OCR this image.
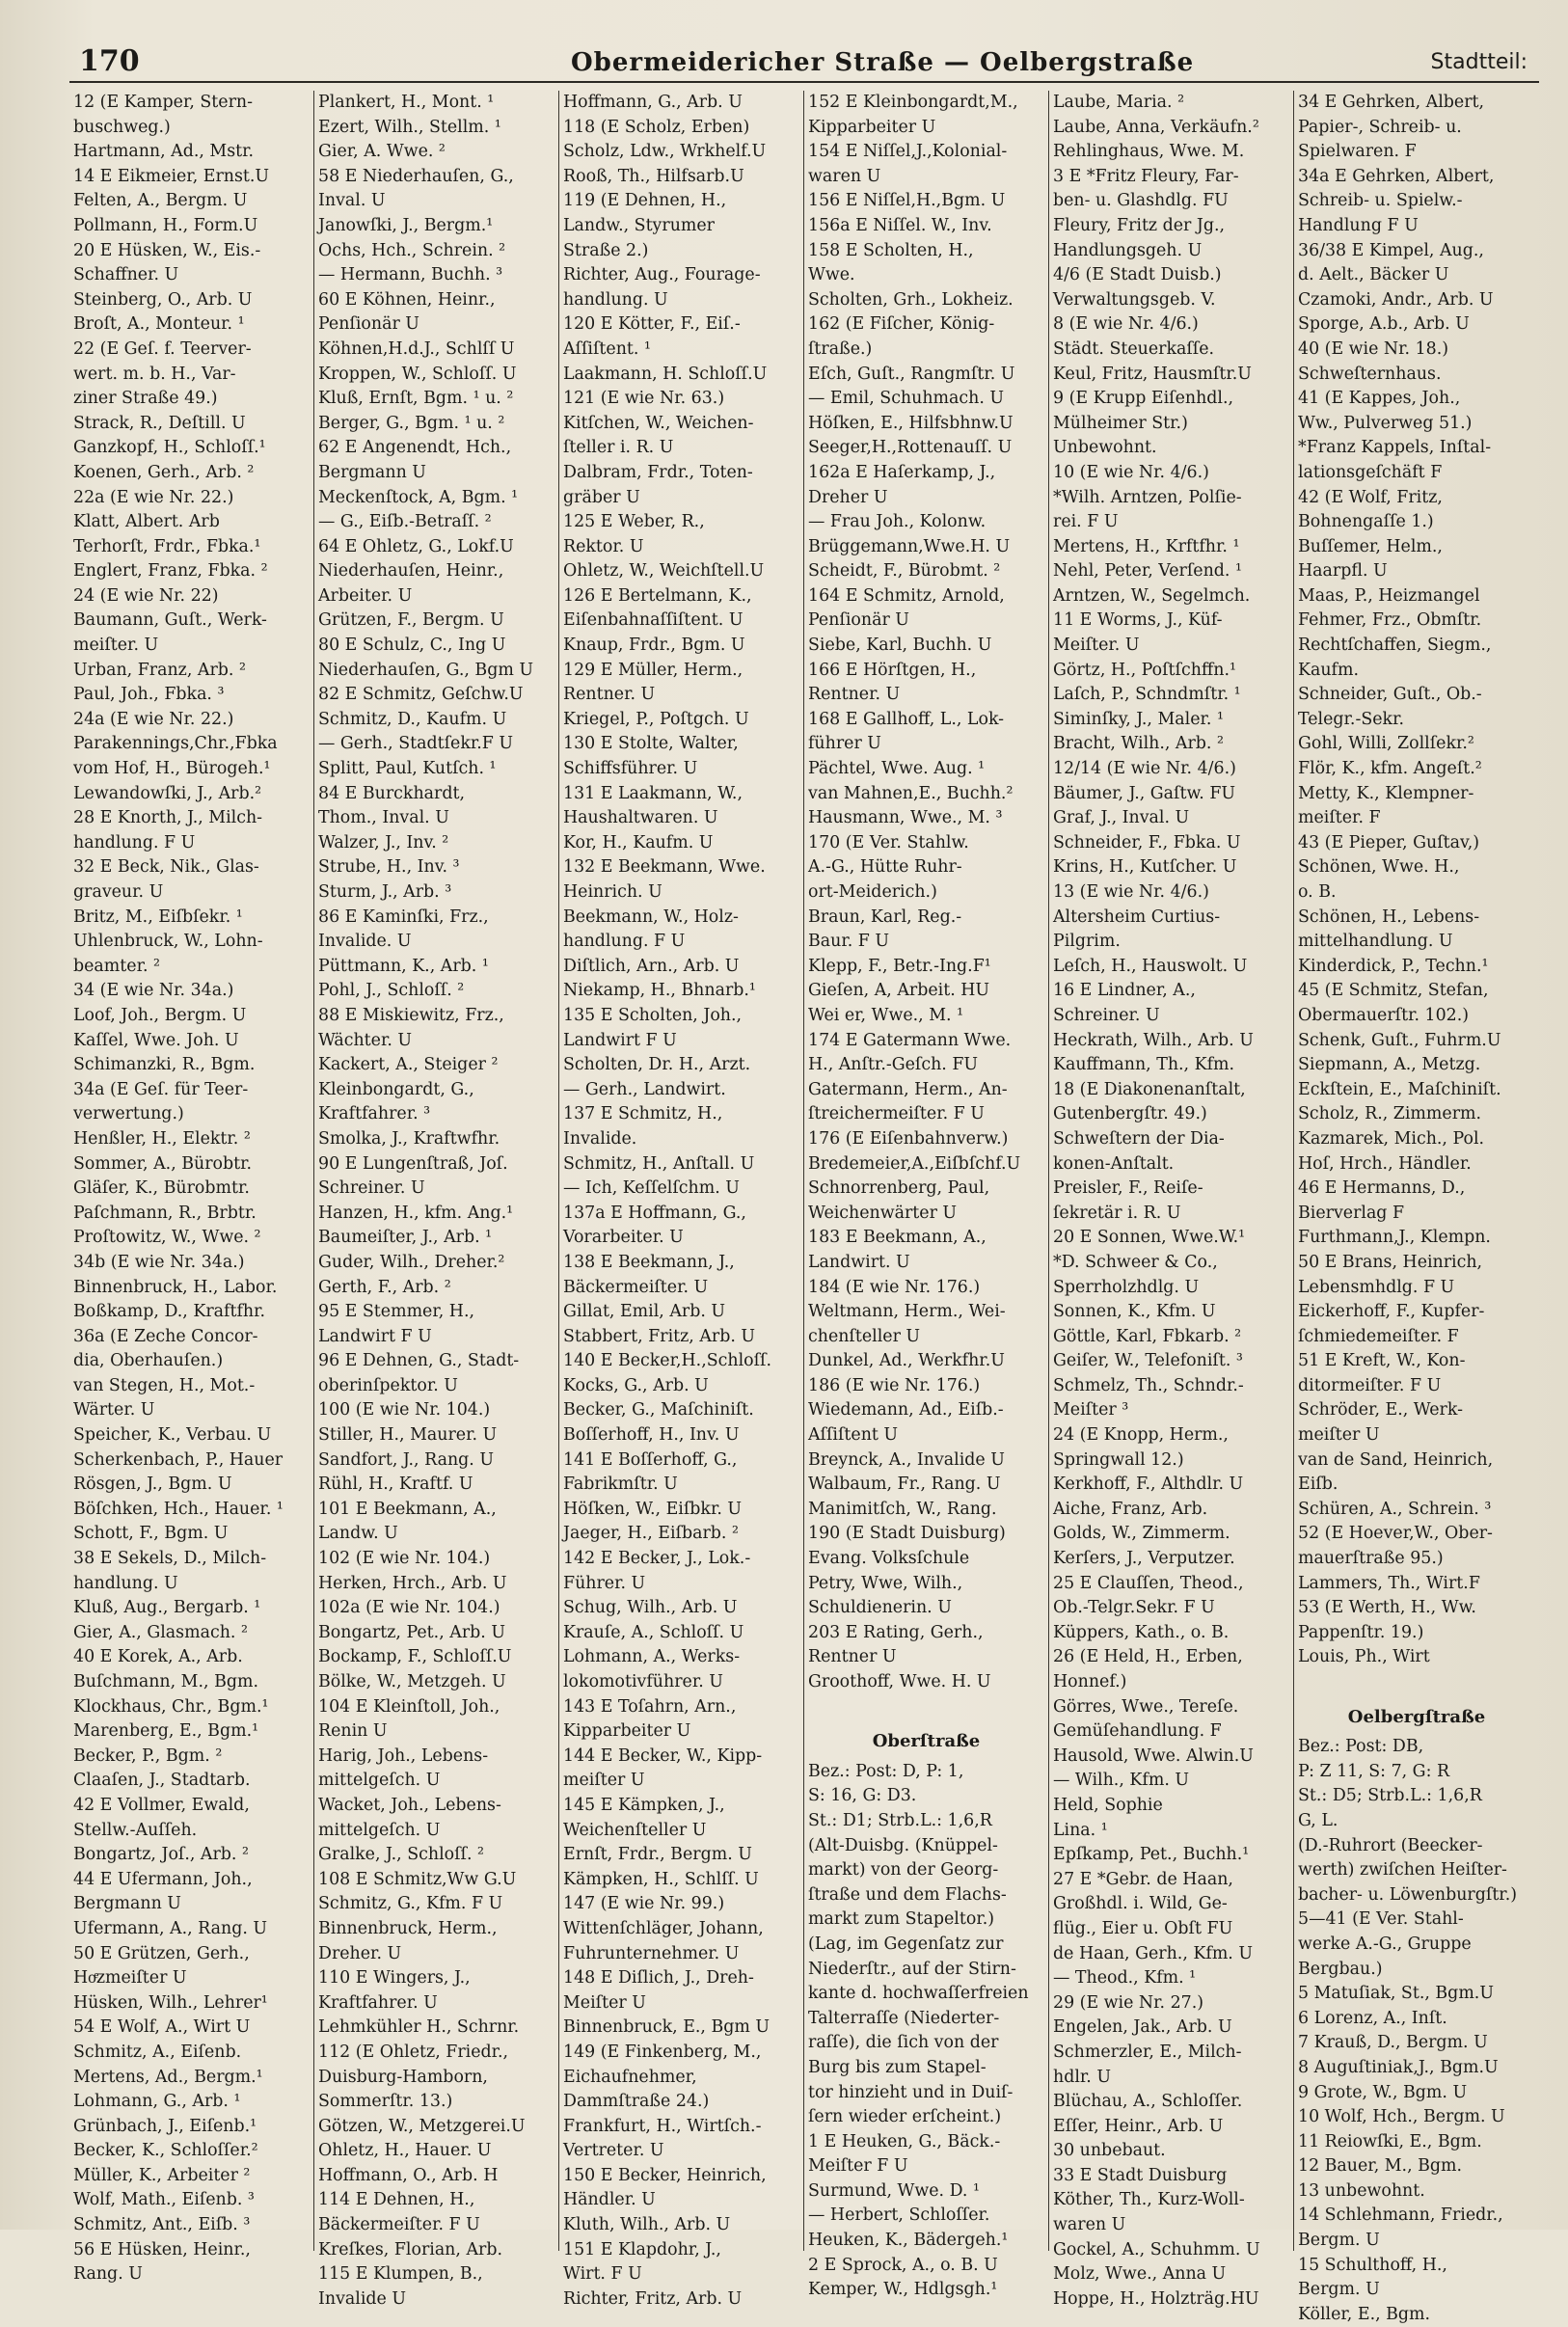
170	Obermeidericher Straße — Oelbergstraße	Stadtteil:
12 (E Kamper, Stern-
buschweg.)
Hartmann, Ad., Mstr.
14 E Eikmeier, Ernst.U
Felten, A., Bergm. U
Pollmann, H., Form.U
20 E Hüsken, W., Eis.-
Schaffner. U
Steinberg, O., Arb. U
Broſt, A., Monteur. ¹
22 (E Geſ. f. Teerver-
wert. m. b. H., Var-
ziner Straße 49.)
Strack, R., Deſtill. U
Ganzkopf, H., Schloſſ.¹
Koenen, Gerh., Arb. ²
22a (E wie Nr. 22.)
Klatt, Albert. Arb
Terhorſt, Frdr., Fbka.¹
Englert, Franz, Fbka. ²
24 (E wie Nr. 22)
Baumann, Guſt., Werk-
meiſter. U
Urban, Franz, Arb. ²
Paul, Joh., Fbka. ³
24a (E wie Nr. 22.)
Parakennings,Chr.,Fbka
vom Hof, H., Bürogeh.¹
Lewandowſki, J., Arb.²
28 E Knorth, J., Milch-
handlung. F U
32 E Beck, Nik., Glas-
graveur. U
Britz, M., Eiſbſekr. ¹
Uhlenbruck, W., Lohn-
beamter. ²
34 (E wie Nr. 34a.)
Loof, Joh., Bergm. U
Kaſſel, Wwe. Joh. U
Schimanzki, R., Bgm.
34a (E Geſ. für Teer-
verwertung.)
Henßler, H., Elektr. ²
Sommer, A., Bürobtr.
Gläſer, K., Bürobmtr.
Paſchmann, R., Brbtr.
Proſtowitz, W., Wwe. ²
34b (E wie Nr. 34a.)
Binnenbruck, H., Labor.
Boßkamp, D., Kraftfhr.
36a (E Zeche Concor-
dia, Oberhauſen.)
van Stegen, H., Mot.-
Wärter. U
Speicher, K., Verbau. U
Scherkenbach, P., Hauer
Rösgen, J., Bgm. U
Böſchken, Hch., Hauer. ¹
Schott, F., Bgm. U
38 E Sekels, D., Milch-
handlung. U
Kluß, Aug., Bergarb. ¹
Gier, A., Glasmach. ²
40 E Korek, A., Arb.
Buſchmann, M., Bgm.
Klockhaus, Chr., Bgm.¹
Marenberg, E., Bgm.¹
Becker, P., Bgm. ²
Claaſen, J., Stadtarb.
42 E Vollmer, Ewald,
Stellw.-Auſſeh.
Bongartz, Joſ., Arb. ²
44 E Ufermann, Joh.,
Bergmann U
Ufermann, A., Rang. U
50 E Grützen, Gerh.,
Hoͤzmeiſter U
Hüsken, Wilh., Lehrer¹
54 E Wolf, A., Wirt U
Schmitz, A., Eiſenb.
Mertens, Ad., Bergm.¹
Lohmann, G., Arb. ¹
Grünbach, J., Eiſenb.¹
Becker, K., Schloſſer.²
Müller, K., Arbeiter ²
Wolf, Math., Eiſenb. ³
Schmitz, Ant., Eiſb. ³
56 E Hüsken, Heinr.,
Rang. U
Plankert, H., Mont. ¹
Ezert, Wilh., Stellm. ¹
Gier, A. Wwe. ²
58 E Niederhauſen, G.,
Inval. U
Janowſki, J., Bergm.¹
Ochs, Hch., Schrein. ²
— Hermann, Buchh. ³
60 E Köhnen, Heinr.,
Penſionär U
Köhnen,H.d.J., Schlſſ U
Kroppen, W., Schloſſ. U
Kluß, Ernſt, Bgm. ¹ u. ²
Berger, G., Bgm. ¹ u. ²
62 E Angenendt, Hch.,
Bergmann U
Meckenſtock, A, Bgm. ¹
— G., Eiſb.-Betraſſ. ²
64 E Ohletz, G., Lokf.U
Niederhauſen, Heinr.,
Arbeiter. U
Grützen, F., Bergm. U
80 E Schulz, C., Ing U
Niederhauſen, G., Bgm U
82 E Schmitz, Geſchw.U
Schmitz, D., Kaufm. U
— Gerh., Stadtſekr.F U
Splitt, Paul, Kutſch. ¹
84 E Burckhardt,
Thom., Inval. U
Walzer, J., Inv. ²
Strube, H., Inv. ³
Sturm, J., Arb. ³
86 E Kaminſki, Frz.,
Invalide. U
Püttmann, K., Arb. ¹
Pohl, J., Schloſſ. ²
88 E Miskiewitz, Frz.,
Wächter. U
Kackert, A., Steiger ²
Kleinbongardt, G.,
Kraftfahrer. ³
Smolka, J., Kraftwfhr.
90 E Lungenſtraß, Joſ.
Schreiner. U
Hanzen, H., kfm. Ang.¹
Baumeiſter, J., Arb. ¹
Guder, Wilh., Dreher.²
Gerth, F., Arb. ²
95 E Stemmer, H.,
Landwirt F U
96 E Dehnen, G., Stadt-
oberinſpektor. U
100 (E wie Nr. 104.)
Stiller, H., Maurer. U
Sandfort, J., Rang. U
Rühl, H., Kraftf. U
101 E Beekmann, A.,
Landw. U
102 (E wie Nr. 104.)
Herken, Hrch., Arb. U
102a (E wie Nr. 104.)
Bongartz, Pet., Arb. U
Bockamp, F., Schloſſ.U
Bölke, W., Metzgeh. U
104 E Kleinſtoll, Joh.,
Renin U
Harig, Joh., Lebens-
mittelgeſch. U
Wacket, Joh., Lebens-
mittelgeſch. U
Gralke, J., Schloſſ. ²
108 E Schmitz,Ww G.U
Schmitz, G., Kfm. F U
Binnenbruck, Herm.,
Dreher. U
110 E Wingers, J.,
Kraftfahrer. U
Lehmkühler H., Schrnr.
112 (E Ohletz, Friedr.,
Duisburg-Hamborn,
Sommerſtr. 13.)
Götzen, W., Metzgerei.U
Ohletz, H., Hauer. U
Hoffmann, O., Arb. H
114 E Dehnen, H.,
Bäckermeiſter. F U
Kreſkes, Florian, Arb.
115 E Klumpen, B.,
Invalide U
Hoffmann, G., Arb. U
118 (E Scholz, Erben)
Scholz, Ldw., Wrkhelf.U
Rooß, Th., Hilfsarb.U
119 (E Dehnen, H.,
Landw., Styrumer
Straße 2.)
Richter, Aug., Fourage-
handlung. U
120 E Kötter, F., Eiſ.-
Aſſiſtent. ¹
Laakmann, H. Schloſſ.U
121 (E wie Nr. 63.)
Kitſchen, W., Weichen-
ſteller i. R. U
Dalbram, Frdr., Toten-
gräber U
125 E Weber, R.,
Rektor. U
Ohletz, W., Weichſtell.U
126 E Bertelmann, K.,
Eiſenbahnaſſiſtent. U
Knaup, Frdr., Bgm. U
129 E Müller, Herm.,
Rentner. U
Kriegel, P., Poſtgch. U
130 E Stolte, Walter,
Schiffsführer. U
131 E Laakmann, W.,
Haushaltwaren. U
Kor, H., Kaufm. U
132 E Beekmann, Wwe.
Heinrich. U
Beekmann, W., Holz-
handlung. F U
Diſtlich, Arn., Arb. U
Niekamp, H., Bhnarb.¹
135 E Scholten, Joh.,
Landwirt F U
Scholten, Dr. H., Arzt.
— Gerh., Landwirt.
137 E Schmitz, H.,
Invalide.
Schmitz, H., Anſtall. U
— Ich, Keſſelſchm. U
137a E Hoffmann, G.,
Vorarbeiter. U
138 E Beekmann, J.,
Bäckermeiſter. U
Gillat, Emil, Arb. U
Stabbert, Fritz, Arb. U
140 E Becker,H.,Schloſſ.
Kocks, G., Arb. U
Becker, G., Maſchiniſt.
Boſſerhoff, H., Inv. U
141 E Boſſerhoff, G.,
Fabrikmſtr. U
Höſken, W., Eiſbkr. U
Jaeger, H., Eiſbarb. ²
142 E Becker, J., Lok.-
Führer. U
Schug, Wilh., Arb. U
Krauſe, A., Schloſſ. U
Lohmann, A., Werks-
lokomotivführer. U
143 E Toſahrn, Arn.,
Kipparbeiter U
144 E Becker, W., Kipp-
meiſter U
145 E Kämpken, J.,
Weichenſteller U
Ernſt, Frdr., Bergm. U
Kämpken, H., Schlſſ. U
147 (E wie Nr. 99.)
Wittenſchläger, Johann,
Fuhrunternehmer. U
148 E Diſlich, J., Dreh-
Meiſter U
Binnenbruck, E., Bgm U
149 (E Finkenberg, M.,
Eichaufnehmer,
Dammſtraße 24.)
Frankfurt, H., Wirtſch.-
Vertreter. U
150 E Becker, Heinrich,
Händler. U
Kluth, Wilh., Arb. U
151 E Klapdohr, J.,
Wirt. F U
Richter, Fritz, Arb. U
152 E Kleinbongardt,M.,
Kipparbeiter U
154 E Niſſel,J.,Kolonial-
waren U
156 E Niſſel,H.,Bgm. U
156a E Niſſel. W., Inv.
158 E Scholten, H.,
Wwe.
Scholten, Grh., Lokheiz.
162 (E Fiſcher, König-
ſtraße.)
Eſch, Guſt., Rangmſtr. U
— Emil, Schuhmach. U
Höſken, E., Hilfsbhnw.U
Seeger,H.,Rottenauſſ. U
162a E Haſerkamp, J.,
Dreher U
— Frau Joh., Kolonw.
Brüggemann,Wwe.H. U
Scheidt, F., Bürobmt. ²
164 E Schmitz, Arnold,
Penſionär U
Siebe, Karl, Buchh. U
166 E Hörſtgen, H.,
Rentner. U
168 E Gallhoff, L., Lok-
führer U
Pächtel, Wwe. Aug. ¹
van Mahnen,E., Buchh.²
Hausmann, Wwe., M. ³
170 (E Ver. Stahlw.
A.-G., Hütte Ruhr-
ort-Meiderich.)
Braun, Karl, Reg.-
Baur. F U
Klepp, F., Betr.-Ing.F¹
Gieſen, A, Arbeit. HU
Wei er, Wwe., M. ¹
174 E Gatermann Wwe.
H., Anſtr.-Geſch. FU
Gatermann, Herm., An-
ſtreichermeiſter. F U
176 (E Eiſenbahnverw.)
Bredemeier,A.,Eiſbſchf.U
Schnorrenberg, Paul,
Weichenwärter U
183 E Beekmann, A.,
Landwirt. U
184 (E wie Nr. 176.)
Weltmann, Herm., Wei-
chenſteller U
Dunkel, Ad., Werkfhr.U
186 (E wie Nr. 176.)
Wiedemann, Ad., Eiſb.-
Aſſiſtent U
Breynck, A., Invalide U
Walbaum, Fr., Rang. U
Manimitſch, W., Rang.
190 (E Stadt Duisburg)
Evang. Volksſchule
Petry, Wwe, Wilh.,
Schuldienerin. U
203 E Rating, Gerh.,
Rentner U
Groothoff, Wwe. H. U

Oberſtraße
Bez.: Post: D, P: 1,
S: 16, G: D3.
St.: D1; Strb.L.: 1,6,R
(Alt-Duisbg. (Knüppel-
markt) von der Georg-
ſtraße und dem Flachs-
markt zum Stapeltor.)
(Lag, im Gegenſatz zur
Niederſtr., auf der Stirn-
kante d. hochwaſſerfreien
Talterraſſe (Niederter-
raſſe), die ſich von der
Burg bis zum Stapel-
tor hinzieht und in Duiſ-
ſern wieder erſcheint.)
1 E Heuken, G., Bäck.-
Meiſter F U
Surmund, Wwe. D. ¹
— Herbert, Schloſſer.
Heuken, K., Bädergeh.¹
2 E Sprock, A., o. B. U
Kemper, W., Hdlgsgh.¹
Laube, Maria. ²
Laube, Anna, Verkäufn.²
Rehlinghaus, Wwe. M.
3 E *Fritz Fleury, Far-
ben- u. Glashdlg. FU
Fleury, Fritz der Jg.,
Handlungsgeh. U
4/6 (E Stadt Duisb.)
Verwaltungsgeb. V.
8 (E wie Nr. 4/6.)
Städt. Steuerkaſſe.
Keul, Fritz, Hausmſtr.U
9 (E Krupp Eiſenhdl.,
Mülheimer Str.)
Unbewohnt.
10 (E wie Nr. 4/6.)
*Wilh. Arntzen, Polſie-
rei. F U
Mertens, H., Krftfhr. ¹
Nehl, Peter, Verſend. ¹
Arntzen, W., Segelmch.
11 E Worms, J., Küf-
Meiſter. U
Görtz, H., Poſtſchffn.¹
Laſch, P., Schndmſtr. ¹
Siminſky, J., Maler. ¹
Bracht, Wilh., Arb. ²
12/14 (E wie Nr. 4/6.)
Bäumer, J., Gaſtw. FU
Graf, J., Inval. U
Schneider, F., Fbka. U
Krins, H., Kutſcher. U
13 (E wie Nr. 4/6.)
Altersheim Curtius-
Pilgrim.
Leſch, H., Hauswolt. U
16 E Lindner, A.,
Schreiner. U
Heckrath, Wilh., Arb. U
Kauffmann, Th., Kfm.
18 (E Diakonenanſtalt,
Gutenbergſtr. 49.)
Schweſtern der Dia-
konen-Anſtalt.
Preisler, F., Reiſe-
ſekretär i. R. U
20 E Sonnen, Wwe.W.¹
*D. Schweer & Co.,
Sperrholzhdlg. U
Sonnen, K., Kfm. U
Göttle, Karl, Fbkarb. ²
Geiſer, W., Telefoniſt. ³
Schmelz, Th., Schndr.-
Meiſter ³
24 (E Knopp, Herm.,
Springwall 12.)
Kerkhoff, F., Althdlr. U
Aiche, Franz, Arb.
Golds, W., Zimmerm.
Kerſers, J., Verputzer.
25 E Clauſſen, Theod.,
Ob.-Telgr.Sekr. F U
Küppers, Kath., o. B.
26 (E Held, H., Erben,
Honnef.)
Görres, Wwe., Tereſe.
Gemüſehandlung. F
Hausold, Wwe. Alwin.U
— Wilh., Kfm. U
Held, Sophie
Lina. ¹
Epſkamp, Pet., Buchh.¹
27 E *Gebr. de Haan,
Großhdl. i. Wild, Ge-
flüg., Eier u. Obſt FU
de Haan, Gerh., Kfm. U
— Theod., Kfm. ¹
29 (E wie Nr. 27.)
Engelen, Jak., Arb. U
Schmerzler, E., Milch-
hdlr. U
Blüchau, A., Schloſſer.
Eſſer, Heinr., Arb. U
30 unbebaut.
33 E Stadt Duisburg
Köther, Th., Kurz-Woll-
waren U
Gockel, A., Schuhmm. U
Molz, Wwe., Anna U
Hoppe, H., Holzträg.HU
34 E Gehrken, Albert,
Papier-, Schreib- u.
Spielwaren. F
34a E Gehrken, Albert,
Schreib- u. Spielw.-
Handlung F U
36/38 E Kimpel, Aug.,
d. Aelt., Bäcker U
Czamoki, Andr., Arb. U
Sporge, A.b., Arb. U
40 (E wie Nr. 18.)
Schweſternhaus.
41 (E Kappes, Joh.,
Ww., Pulverweg 51.)
*Franz Kappels, Inſtal-
lationsgeſchäft F
42 (E Wolf, Fritz,
Bohnengaſſe 1.)
Buſſemer, Helm.,
Haarpfl. U
Maas, P., Heizmangel
Fehmer, Frz., Obmſtr.
Rechtſchaffen, Siegm.,
Kaufm.
Schneider, Guſt., Ob.-
Telegr.-Sekr.
Gohl, Willi, Zollſekr.²
Flör, K., kfm. Angeſt.²
Metty, K., Klempner-
meiſter. F
43 (E Pieper, Guſtav,)
Schönen, Wwe. H.,
o. B.
Schönen, H., Lebens-
mittelhandlung. U
Kinderdick, P., Techn.¹
45 (E Schmitz, Stefan,
Obermauerſtr. 102.)
Schenk, Guſt., Fuhrm.U
Siepmann, A., Metzg.
Eckſtein, E., Maſchiniſt.
Scholz, R., Zimmerm.
Kazmarek, Mich., Pol.
Hoſ, Hrch., Händler.
46 E Hermanns, D.,
Bierverlag F
Furthmann,J., Klempn.
50 E Brans, Heinrich,
Lebensmhdlg. F U
Eickerhoff, F., Kupfer-
ſchmiedemeiſter. F
51 E Kreft, W., Kon-
ditormeiſter. F U
Schröder, E., Werk-
meiſter U
van de Sand, Heinrich,
Eiſb.
Schüren, A., Schrein. ³
52 (E Hoever,W., Ober-
mauerſtraße 95.)
Lammers, Th., Wirt.F
53 (E Werth, H., Ww.
Pappenſtr. 19.)
Louis, Ph., Wirt

Oelbergſtraße
Bez.: Post: DB,
P: Z 11, S: 7, G: R
St.: D5; Strb.L.: 1,6,R
G, L.
(D.-Ruhrort (Beecker-
werth) zwiſchen Heiſter-
bacher- u. Löwenburgſtr.)
5—41 (E Ver. Stahl-
werke A.-G., Gruppe
Bergbau.)
5 Matuſiak, St., Bgm.U
6 Lorenz, A., Inſt.
7 Krauß, D., Bergm. U
8 Auguſtiniak,J., Bgm.U
9 Grote, W., Bgm. U
10 Wolf, Hch., Bergm. U
11 Reiowſki, E., Bgm.
12 Bauer, M., Bgm.
13 unbewohnt.
14 Schlehmann, Friedr.,
Bergm. U
15 Schulthoff, H.,
Bergm. U
Köller, E., Bgm.
